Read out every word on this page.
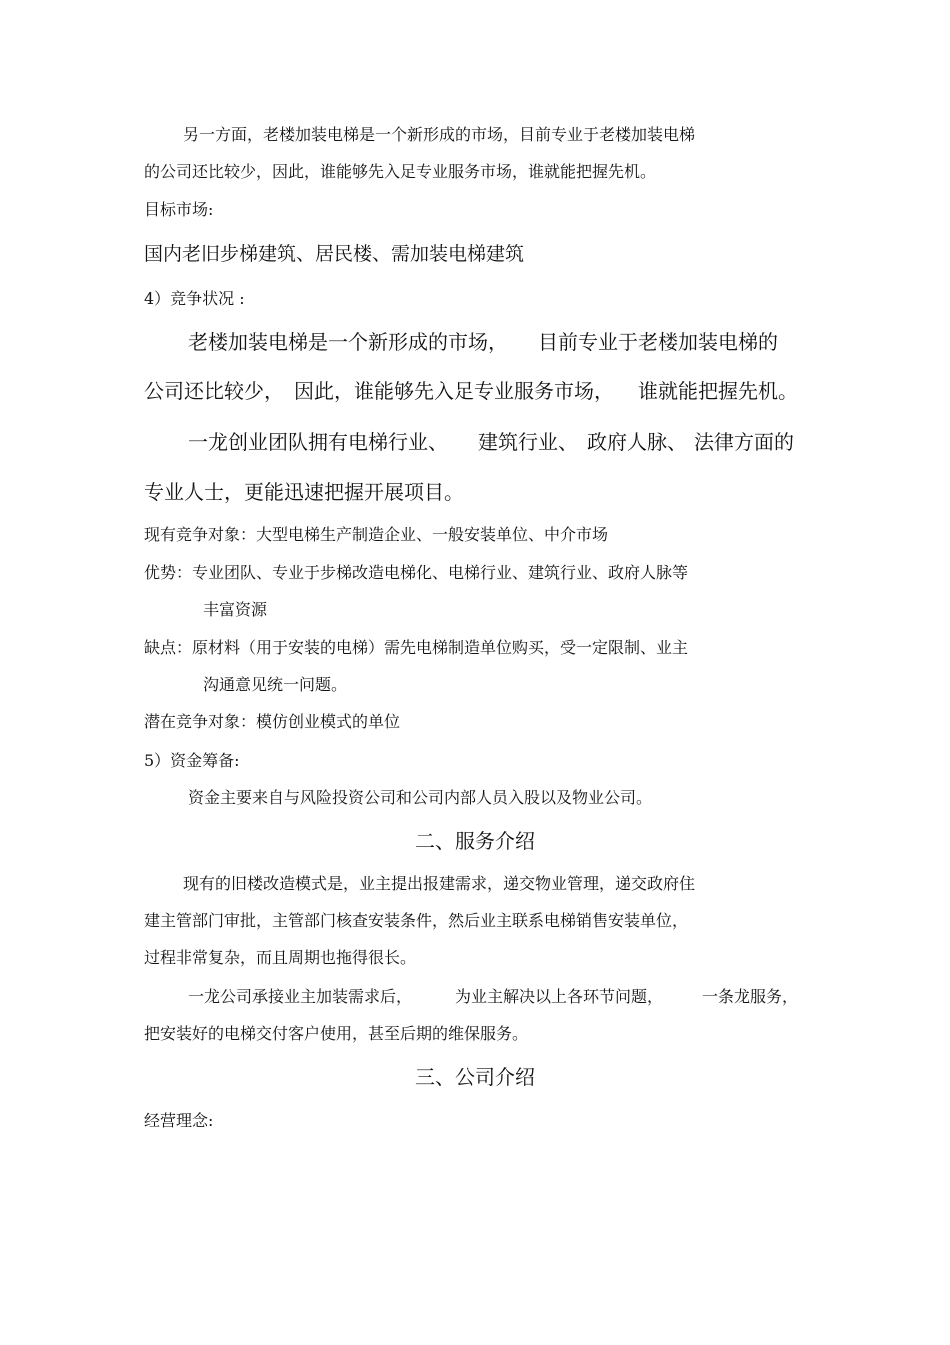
另一方面，老楼加装电梯是一个新形成的市场，目前专业于老楼加装电梯
的公司还比较少，因此，谁能够先入足专业服务市场，谁就能把握先机。
目标市场:
国内老旧步梯建筑、居民楼、需加装电梯建筑
4）竞争状况 :
老楼加装电梯是一个新形成的市场， 目前专业于老楼加装电梯的
公司还比较少， 因此，谁能够先入足专业服务市场， 谁就能把握先机。
一龙创业团队拥有电梯行业、 建筑行业、 政府人脉、 法律方面的
专业人士，更能迅速把握开展项目。
现有竞争对象：大型电梯生产制造企业、一般安装单位、中介市场
优势：专业团队、专业于步梯改造电梯化、电梯行业、建筑行业、政府人脉等
丰富资源
缺点：原材料（用于安装的电梯）需先电梯制造单位购买，受一定限制、业主
沟通意见统一问题。
潜在竞争对象：模仿创业模式的单位
5）资金筹备:
资金主要来自与风险投资公司和公司内部人员入股以及物业公司。
二、服务介绍
现有的旧楼改造模式是，业主提出报建需求，递交物业管理，递交政府住
建主管部门审批，主管部门核查安装条件，然后业主联系电梯销售安装单位，
过程非常复杂，而且周期也拖得很长。
一龙公司承接业主加装需求后，	为业主解决以上各环节问题， 一条龙服务，
把安装好的电梯交付客户使用，甚至后期的维保服务。
三、公司介绍
经营理念:
